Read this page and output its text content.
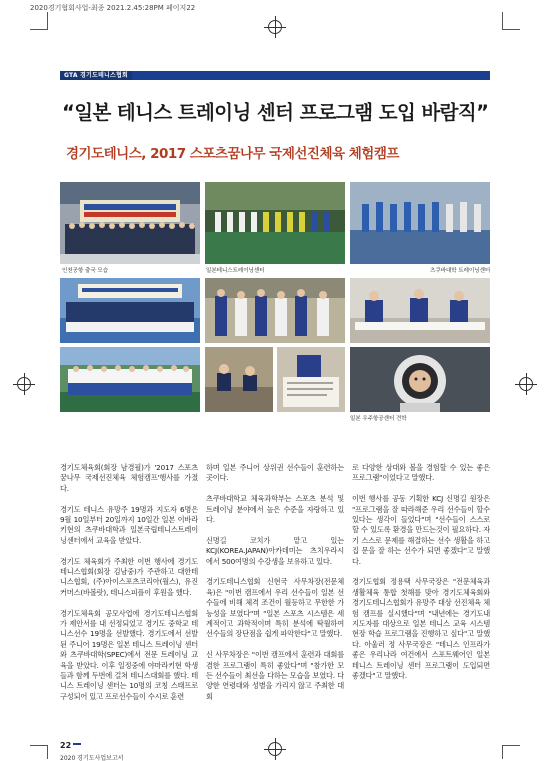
2020경기협회사업-최종 2021.2.45:28PM 페이지22
GTA 경기도테니스협회
“일본 테니스 트레이닝 센터 프로그램 도입 바람직”
경기도테니스, 2017 스포츠꿈나무 국제선진체육 체험캠프
인천공항 출국 모습	일본테니스트레이닝센터	츠쿠바대학 트레이닝센터
일본 우주항공센터 견학

경기도체육회(회장 남경필)가 '2017 스포츠꿈나무 국제선진체육 체험캠프'행사를 가졌다.

경기도 테니스 유망주 19명과 지도자 6명은 9월 10일부터 20일까지 10일간 일본 이바라키현의 츠쿠바대학과 일본국립테니스트레이닝센터에서 교육을 받았다.

경기도 체육회가 주최한 이번 행사에 경기도테니스협회(회장 김남중)가 주관하고 대한테니스협회, (주)아이스포츠코리아(월스), 유진커머스(바볼랏), 테니스피플이 후원을 했다.

경기도체육회 공모사업에 경기도테니스협회가 제안서를 내 선정되었고 경기도 중학교 테니스선수 19명을 선발했다. 경기도에서 선발된 주니어 19명은 일본 테니스 트레이닝 센터와 츠쿠바대학(SPEC)에서 전문 트레이닝 교육을 받았다. 이후 일정중에 야마라키현 학생들과 함께 두번에 걸쳐 테니스대회를 했다. 테니스 트레이닝 센터는 10명의 코칭 스태프로 구성되어 있고 프로선수들이 수시로 훈련

하며 일본 주니어 상위권 선수들이 훈련하는 곳이다.

츠쿠바대학교 체육과학부는 스포츠 분석 및 트레이닝 분야에서 높은 수준을 자랑하고 있다.

신명길 코치가 맡고 있는 KCJ(KOREA.JAPAN)아카데미는 츠치우라시에서 500여명의 수강생을 보유하고 있다.

경기도테니스협회 신현국 사무차장(전문체육)은 "이번 캠프에서 우리 선수들이 일본 선수들에 비해 체격 조건이 월등하고 무한한 가능성을 보였다"며 "일본 스포츠 시스템은 세계적이고 과학적이며 특히 분석에 탁월하여 선수들의 장단점을 쉽게 파악한다"고 말했다.

신 사무차장은 "이번 캠프에서 훈련과 대회를 겸한 프로그램이 특히 좋았다"며 "참가한 모든 선수들이 최선을 다하는 모습을 보였다. 다양한 연령대와 성별을 가리지 않고 주최한 대회

로 다양한 상대와 볼을 경험할 수 있는 좋은 프로그램"이었다고 말했다.

이번 행사를 공동 기획한 KCJ 신명길 원장은 "프로그램을 잘 따라해준 우리 선수들이 할수 있다는 생각이 들었다"며 "선수들이 스스로 할 수 있도록 환경을 만드는것이 필요하다. 자기 스스로 문제를 해결하는 선수 생활을 하고 집 문을 잘 하는 선수가 되면 좋겠다"고 말했다.

경기도협회 정용택 사무국장은 "전문체육과 생활체육 통합 첫해를 맞아 경기도체육회와 경기도테니스협회가 유망주 대상 선진체육 체험 캠프를 실시했다"며 "내년에는 경기도내 지도자를 대상으로 일본 테니스 교육 시스템 현장 학습 프로그램을 진행하고 싶다"고 말했다. 아울러 정 사무국장은 "테니스 인프라가 좋은 우리나라 여건에서 스포트웨어인 일본 테니스 트레이닝 센터 프로그램이 도입되면 좋겠다"고 말했다.

22
2020 경기도사업보고서
